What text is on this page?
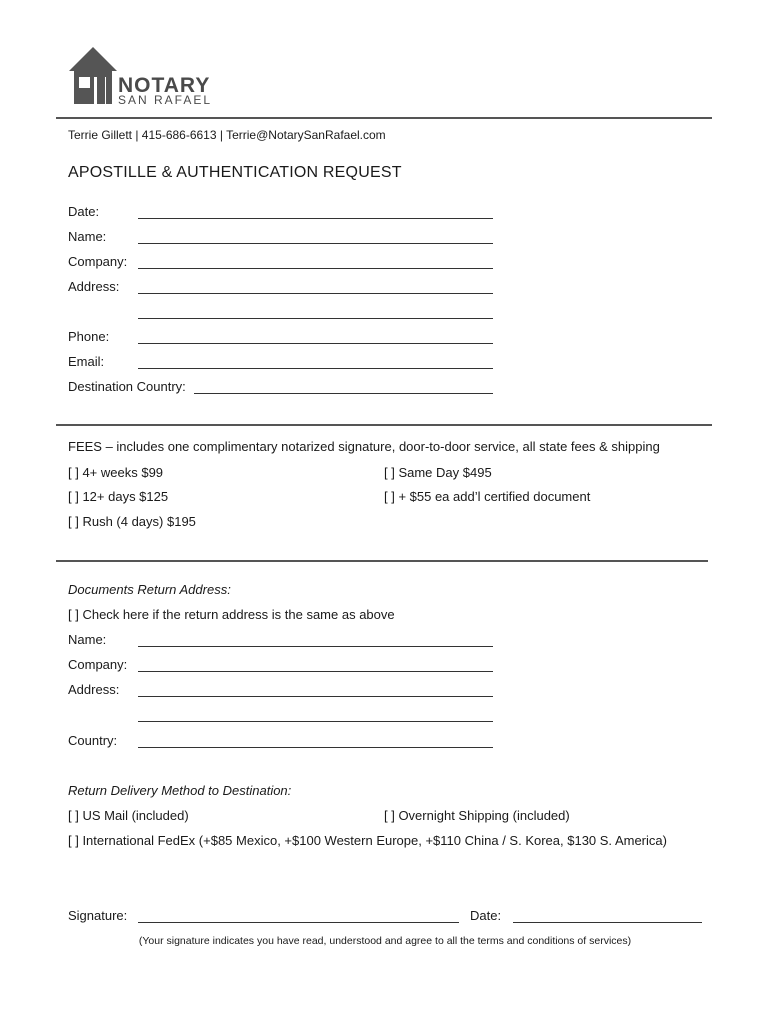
NOTARY
SAN RAFAEL
Terrie Gillett | 415-686-6613 | Terrie@NotarySanRafael.com
APOSTILLE & AUTHENTICATION REQUEST
Date:
Name:
Company:
Address:
Phone:
Email:
Destination Country:
FEES – includes one complimentary notarized signature, door-to-door service, all state fees & shipping
[ ] 4+ weeks $99
[ ] 12+ days $125
[ ] Rush (4 days) $195
[ ] Same Day $495
[ ] + $55 ea add’l certified document
Documents Return Address:
[ ] Check here if the return address is the same as above
Name:
Company:
Address:
Country:
Return Delivery Method to Destination:
[ ] US Mail (included)	[ ] Overnight Shipping (included)
[ ] International FedEx (+$85 Mexico, +$100 Western Europe, +$110 China / S. Korea, $130 S. America)
Signature:	Date:
(Your signature indicates you have read, understood and agree to all the terms and conditions of services)
